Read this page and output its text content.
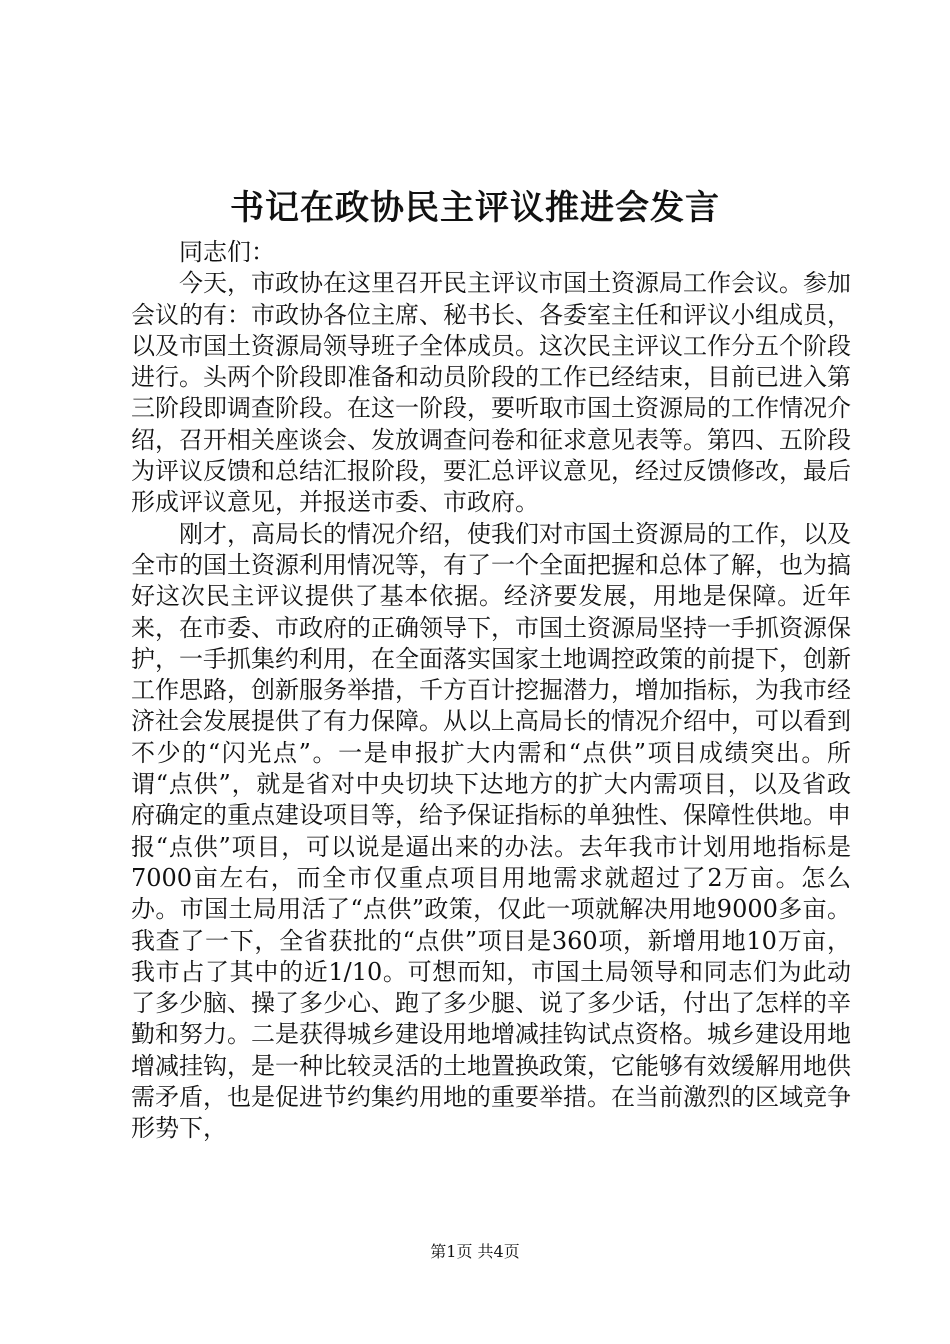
书记在政协民主评议推进会发言

同志们：

今天，市政协在这里召开民主评议市国土资源局工作会议。参加会议的有：市政协各位主席、秘书长、各委室主任和评议小组成员，以及市国土资源局领导班子全体成员。这次民主评议工作分五个阶段进行。头两个阶段即准备和动员阶段的工作已经结束，目前已进入第三阶段即调查阶段。在这一阶段，要听取市国土资源局的工作情况介绍，召开相关座谈会、发放调查问卷和征求意见表等。第四、五阶段为评议反馈和总结汇报阶段，要汇总评议意见，经过反馈修改，最后形成评议意见，并报送市委、市政府。

刚才，高局长的情况介绍，使我们对市国土资源局的工作，以及全市的国土资源利用情况等，有了一个全面把握和总体了解，也为搞好这次民主评议提供了基本依据。经济要发展，用地是保障。近年来，在市委、市政府的正确领导下，市国土资源局坚持一手抓资源保护，一手抓集约利用，在全面落实国家土地调控政策的前提下，创新工作思路，创新服务举措，千方百计挖掘潜力，增加指标，为我市经济社会发展提供了有力保障。从以上高局长的情况介绍中，可以看到不少的“闪光点”。一是申报扩大内需和“点供”项目成绩突出。所谓“点供”，就是省对中央切块下达地方的扩大内需项目，以及省政府确定的重点建设项目等，给予保证指标的单独性、保障性供地。申报“点供”项目，可以说是逼出来的办法。去年我市计划用地指标是7000亩左右，而全市仅重点项目用地需求就超过了2万亩。怎么办。市国土局用活了“点供”政策，仅此一项就解决用地9000多亩。我查了一下，全省获批的“点供”项目是360项，新增用地10万亩，我市占了其中的近1/10。可想而知，市国土局领导和同志们为此动了多少脑、操了多少心、跑了多少腿、说了多少话，付出了怎样的辛勤和努力。二是获得城乡建设用地增减挂钩试点资格。城乡建设用地增减挂钩，是一种比较灵活的土地置换政策，它能够有效缓解用地供需矛盾，也是促进节约集约用地的重要举措。在当前激烈的区域竞争形势下，

第1页 共4页
